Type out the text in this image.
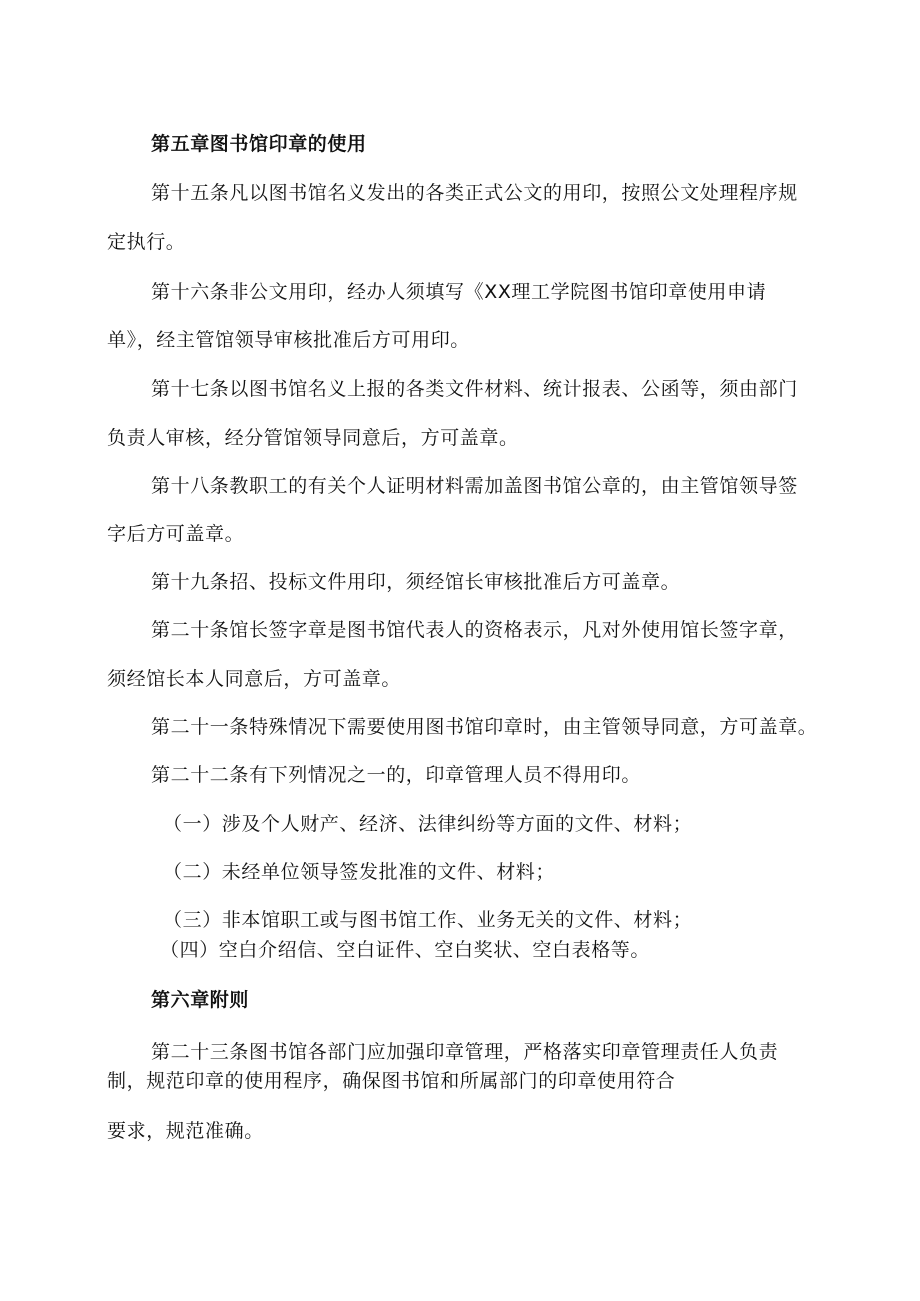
第五章图书馆印章的使用
第十五条凡以图书馆名义发出的各类正式公文的用印，按照公文处理程序规
定执行。
第十六条非公文用印，经办人须填写《XX理工学院图书馆印章使用申请
单》，经主管馆领导审核批准后方可用印。
第十七条以图书馆名义上报的各类文件材料、统计报表、公函等，须由部门
负责人审核，经分管馆领导同意后，方可盖章。
第十八条教职工的有关个人证明材料需加盖图书馆公章的，由主管馆领导签
字后方可盖章。
第十九条招、投标文件用印，须经馆长审核批准后方可盖章。
第二十条馆长签字章是图书馆代表人的资格表示，凡对外使用馆长签字章，
须经馆长本人同意后，方可盖章。
第二十一条特殊情况下需要使用图书馆印章时，由主管领导同意，方可盖章。
第二十二条有下列情况之一的，印章管理人员不得用印。
（一）涉及个人财产、经济、法律纠纷等方面的文件、材料；
（二）未经单位领导签发批准的文件、材料；
（三）非本馆职工或与图书馆工作、业务无关的文件、材料；
（四）空白介绍信、空白证件、空白奖状、空白表格等。
第六章附则
第二十三条图书馆各部门应加强印章管理，严格落实印章管理责任人负责
制，规范印章的使用程序，确保图书馆和所属部门的印章使用符合
要求，规范准确。
